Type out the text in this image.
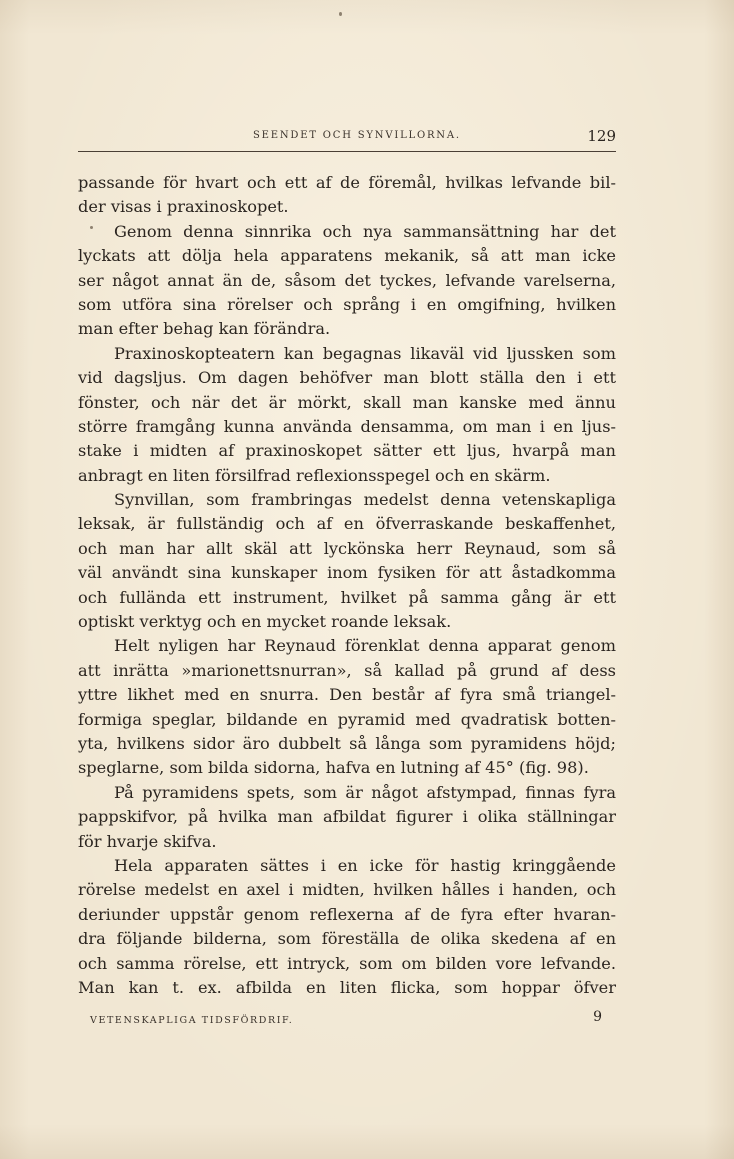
SEENDET OCH SYNVILLORNA.	129
passande för hvart och ett af de föremål, hvilkas lefvande bil-
der visas i praxinoskopet.
Genom denna sinnrika och nya sammansättning har det
lyckats att dölja hela apparatens mekanik, så att man icke
ser något annat än de, såsom det tyckes, lefvande varelserna,
som utföra sina rörelser och språng i en omgifning, hvilken
man efter behag kan förändra.
Praxinoskopteatern kan begagnas likaväl vid ljussken som
vid dagsljus. Om dagen behöfver man blott ställa den i ett
fönster, och när det är mörkt, skall man kanske med ännu
större framgång kunna använda densamma, om man i en ljus-
stake i midten af praxinoskopet sätter ett ljus, hvarpå man
anbragt en liten försilfrad reflexionsspegel och en skärm.
Synvillan, som frambringas medelst denna vetenskapliga
leksak, är fullständig och af en öfverraskande beskaffenhet,
och man har allt skäl att lyckönska herr Reynaud, som så
väl användt sina kunskaper inom fysiken för att åstadkomma
och fullända ett instrument, hvilket på samma gång är ett
optiskt verktyg och en mycket roande leksak.
Helt nyligen har Reynaud förenklat denna apparat genom
att inrätta »marionettsnurran», så kallad på grund af dess
yttre likhet med en snurra. Den består af fyra små triangel-
formiga speglar, bildande en pyramid med qvadratisk botten-
yta, hvilkens sidor äro dubbelt så långa som pyramidens höjd;
speglarne, som bilda sidorna, hafva en lutning af 45° (fig. 98).
På pyramidens spets, som är något afstympad, finnas fyra
pappskifvor, på hvilka man afbildat figurer i olika ställningar
för hvarje skifva.
Hela apparaten sättes i en icke för hastig kringgående
rörelse medelst en axel i midten, hvilken hålles i handen, och
deriunder uppstår genom reflexerna af de fyra efter hvaran-
dra följande bilderna, som föreställa de olika skedena af en
och samma rörelse, ett intryck, som om bilden vore lefvande.
Man kan t. ex. afbilda en liten flicka, som hoppar öfver
VETENSKAPLIGA TIDSFÖRDRIF.	9
